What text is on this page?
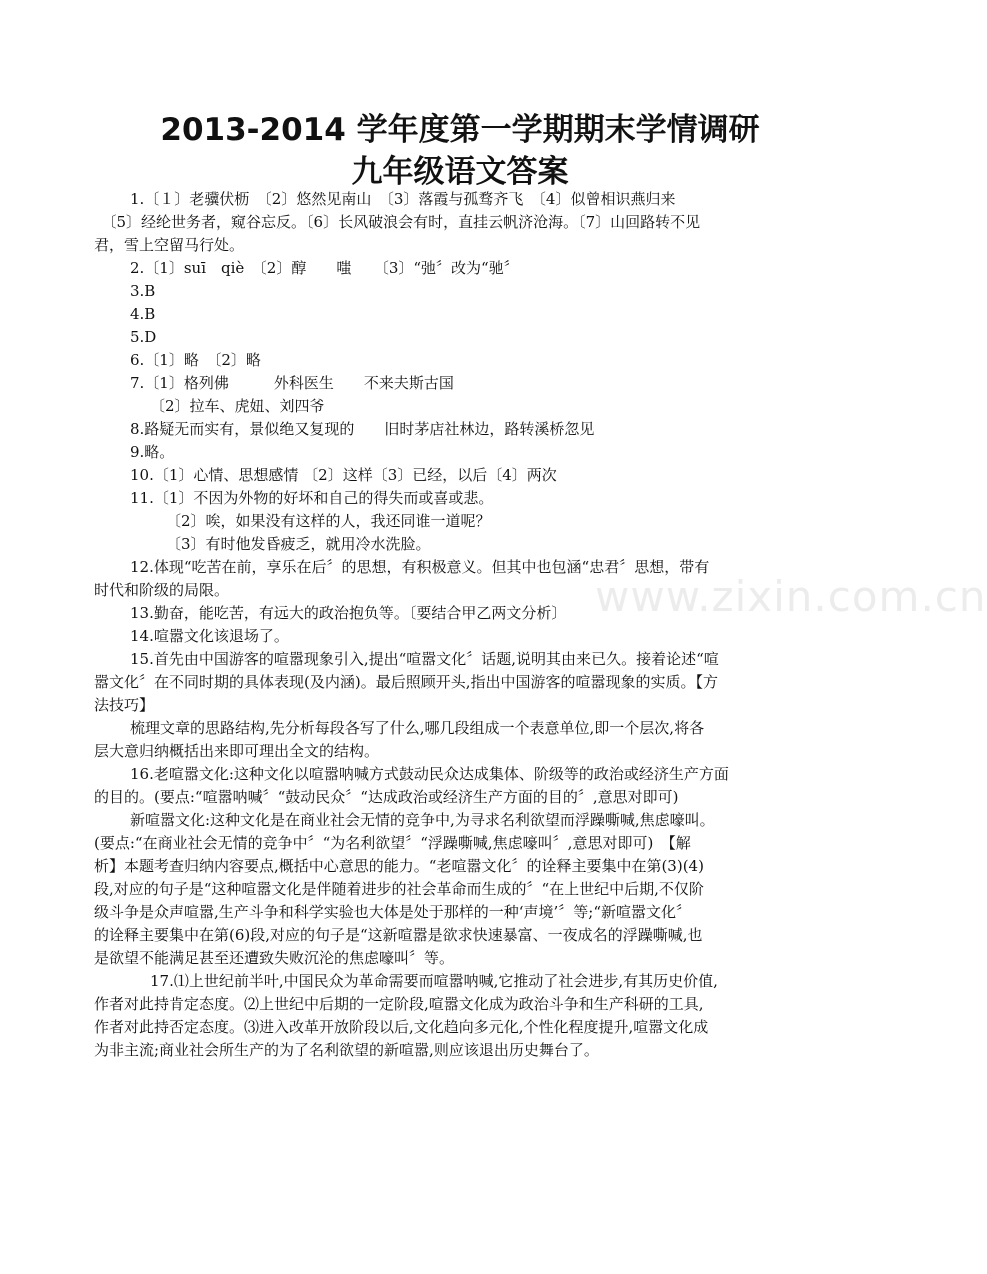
2013-2014 学年度第一学期期末学情调研
九年级语文答案
www.zixin.com.cn
1.〔１〕老骥伏枥　〔2〕悠然见南山　〔3〕落霞与孤骛齐飞　〔4〕似曾相识燕归来
　〔5〕经纶世务者，窥谷忘反。〔6〕长风破浪会有时，直挂云帆济沧海。〔7〕山回路转不见
君，雪上空留马行处。
2.〔1〕suī　qiè　〔2〕醇　　嗤　　〔3〕“弛〞改为“驰〞
3.B
4.B
5.D
6.〔1〕略　〔2〕略
7.〔1〕格列佛　　　外科医生　　不来夫斯古国
〔2〕拉车、虎妞、刘四爷
8.路疑无而实有，景似绝又复现的　　旧时茅店社林边，路转溪桥忽见
9.略。
10.〔1〕心情、思想感情 〔2〕这样〔3〕已经，以后〔4〕两次
11.〔1〕不因为外物的好坏和自己的得失而或喜或悲。
〔2〕唉，如果没有这样的人，我还同谁一道呢？
〔3〕有时他发昏疲乏，就用冷水洗脸。
12.体现“吃苦在前，享乐在后〞的思想，有积极意义。但其中也包涵“忠君〞思想，带有
时代和阶级的局限。
13.勤奋，能吃苦，有远大的政治抱负等。〔要结合甲乙两文分析〕
14.喧嚣文化该退场了。
15.首先由中国游客的喧嚣现象引入,提出“喧嚣文化〞话题,说明其由来已久。接着论述“喧
嚣文化〞在不同时期的具体表现(及内涵)。最后照顾开头,指出中国游客的喧嚣现象的实质。【方
法技巧】
梳理文章的思路结构,先分析每段各写了什么,哪几段组成一个表意单位,即一个层次,将各
层大意归纳概括出来即可理出全文的结构。
16.老喧嚣文化:这种文化以喧嚣呐喊方式鼓动民众达成集体、阶级等的政治或经济生产方面
的目的。(要点:“喧嚣呐喊〞“鼓动民众〞“达成政治或经济生产方面的目的〞,意思对即可)
新喧嚣文化:这种文化是在商业社会无情的竞争中,为寻求名利欲望而浮躁嘶喊,焦虑嚎叫。
(要点:“在商业社会无情的竞争中〞“为名利欲望〞“浮躁嘶喊,焦虑嚎叫〞,意思对即可)　【解
析】本题考查归纳内容要点,概括中心意思的能力。“老喧嚣文化〞的诠释主要集中在第(3)(4)
段,对应的句子是“这种喧嚣文化是伴随着进步的社会革命而生成的〞“在上世纪中后期,不仅阶
级斗争是众声喧嚣,生产斗争和科学实验也大体是处于那样的一种‘声境’〞等;“新喧嚣文化〞
的诠释主要集中在第(6)段,对应的句子是“这新喧嚣是欲求快速暴富、一夜成名的浮躁嘶喊,也
是欲望不能满足甚至还遭致失败沉沦的焦虑嚎叫〞等。
17.⑴上世纪前半叶,中国民众为革命需要而喧嚣呐喊,它推动了社会进步,有其历史价值,
作者对此持肯定态度。⑵上世纪中后期的一定阶段,喧嚣文化成为政治斗争和生产科研的工具,
作者对此持否定态度。⑶进入改革开放阶段以后,文化趋向多元化,个性化程度提升,喧嚣文化成
为非主流;商业社会所生产的为了名利欲望的新喧嚣,则应该退出历史舞台了。
